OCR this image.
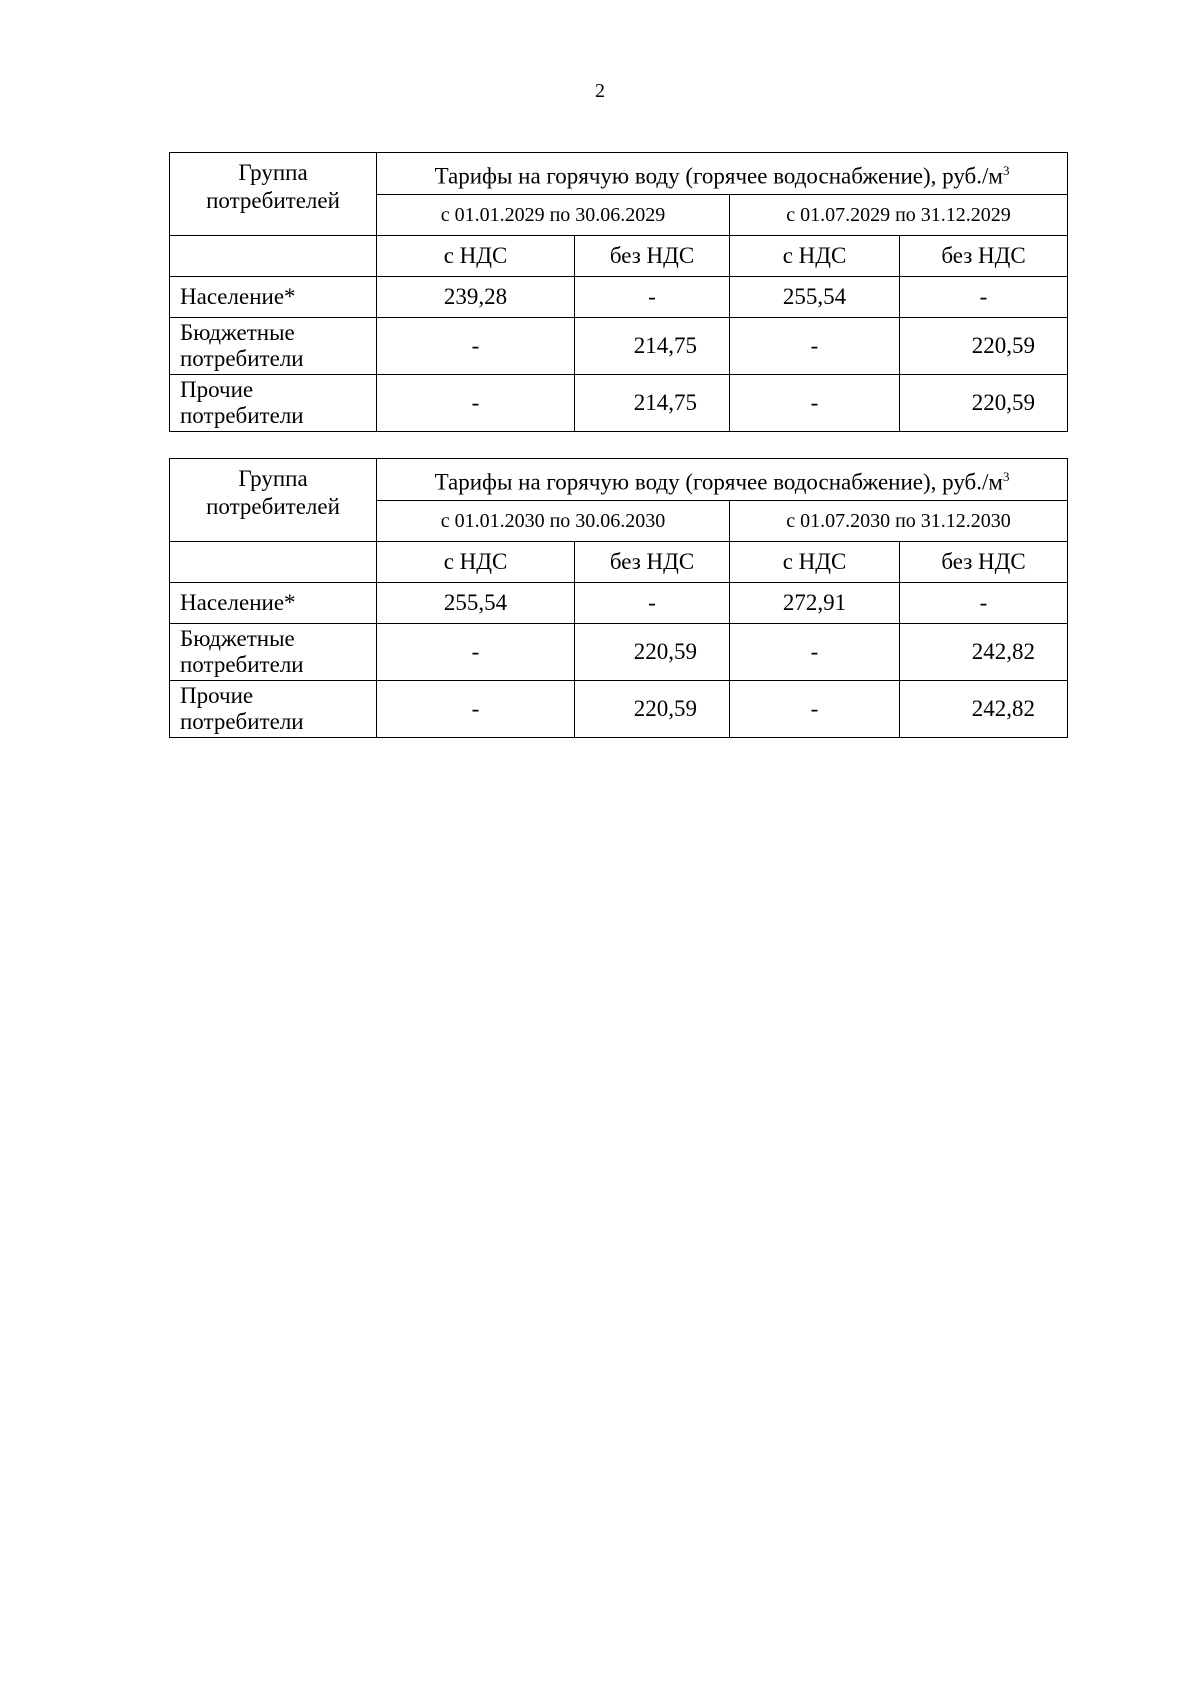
2
Группа
потребителей	Тарифы на горячую воду (горячее водоснабжение), $руб./м^3$
	с 01.01.2029 по 30.06.2029		с 01.07.2029 по 31.12.2029	
	с НДС	без НДС	с НДС	без НДС
Население*	239,28	-	255,54	-

Бюджетные
потребители	-	214,75	-	220,59

Прочие
потребители	-	214,75	-	220,59
Группа
потребителей	Тарифы на горячую воду (горячее водоснабжение), $руб./м^3$
	с 01.01.2030 по 30.06.2030		с 01.07.2030 по 31.12.2030	
	с НДС	без НДС	с НДС	без НДС
Население*	255,54	-	272,91	-

Бюджетные
потребители	-	220,59	-	242,82

Прочие
потребители	-	220,59	-	242,82
